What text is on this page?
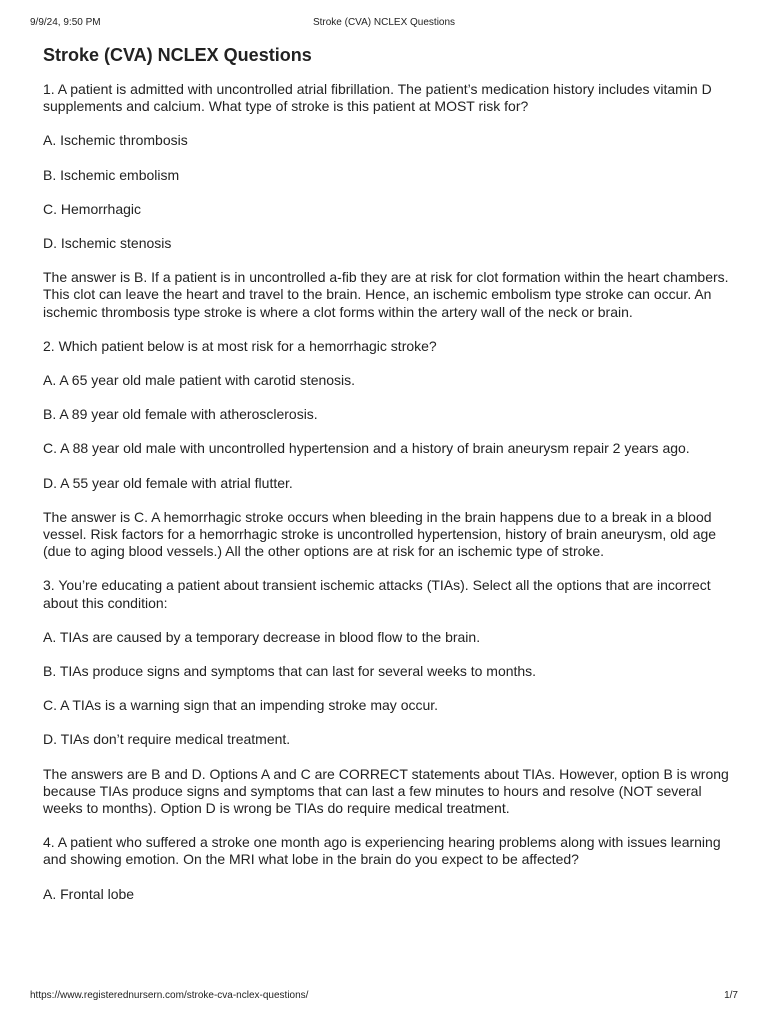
9/9/24, 9:50 PM	Stroke (CVA) NCLEX Questions
Stroke (CVA) NCLEX Questions

1. A patient is admitted with uncontrolled atrial fibrillation. The patient’s medication history includes vitamin D supplements and calcium. What type of stroke is this patient at MOST risk for?

A. Ischemic thrombosis

B. Ischemic embolism

C. Hemorrhagic

D. Ischemic stenosis

The answer is B. If a patient is in uncontrolled a-fib they are at risk for clot formation within the heart chambers. This clot can leave the heart and travel to the brain. Hence, an ischemic embolism type stroke can occur. An ischemic thrombosis type stroke is where a clot forms within the artery wall of the neck or brain.

2. Which patient below is at most risk for a hemorrhagic stroke?

A. A 65 year old male patient with carotid stenosis.

B. A 89 year old female with atherosclerosis.

C. A 88 year old male with uncontrolled hypertension and a history of brain aneurysm repair 2 years ago.

D. A 55 year old female with atrial flutter.

The answer is C. A hemorrhagic stroke occurs when bleeding in the brain happens due to a break in a blood vessel. Risk factors for a hemorrhagic stroke is uncontrolled hypertension, history of brain aneurysm, old age (due to aging blood vessels.) All the other options are at risk for an ischemic type of stroke.

3. You’re educating a patient about transient ischemic attacks (TIAs). Select all the options that are incorrect about this condition:

A. TIAs are caused by a temporary decrease in blood flow to the brain.

B. TIAs produce signs and symptoms that can last for several weeks to months.

C. A TIAs is a warning sign that an impending stroke may occur.

D. TIAs don’t require medical treatment.

The answers are B and D. Options A and C are CORRECT statements about TIAs. However, option B is wrong because TIAs produce signs and symptoms that can last a few minutes to hours and resolve (NOT several weeks to months). Option D is wrong be TIAs do require medical treatment.

4. A patient who suffered a stroke one month ago is experiencing hearing problems along with issues learning and showing emotion. On the MRI what lobe in the brain do you expect to be affected?

A. Frontal lobe

https://www.registerednursern.com/stroke-cva-nclex-questions/	1/7
